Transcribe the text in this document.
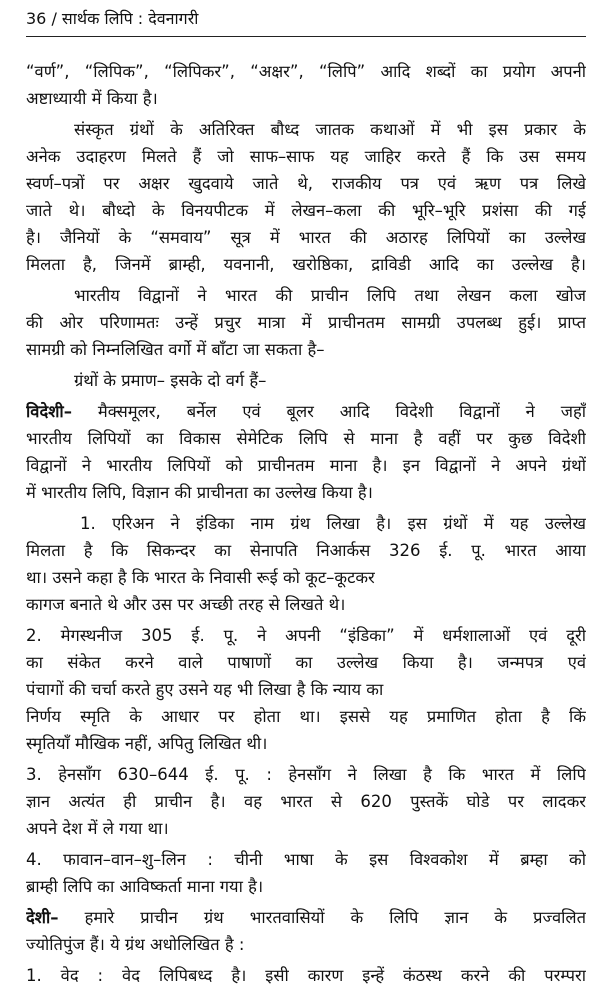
36 / सार्थक लिपि : देवनागरी
“वर्ण”, “लिपिक”, “लिपिकर”, “अक्षर”, “लिपि” आदि शब्दों का प्रयोग अपनी
अष्टाध्यायी में किया है।
संस्कृत ग्रंथों के अतिरिक्त बौध्द जातक कथाओं में भी इस प्रकार के
अनेक उदाहरण मिलते हैं जो साफ–साफ यह जाहिर करते हैं कि उस समय
स्वर्ण–पत्रों पर अक्षर खुदवाये जाते थे, राजकीय पत्र एवं ऋण पत्र लिखे
जाते थे। बौध्दो के विनयपीटक में लेखन–कला की भूरि–भूरि प्रशंसा की गई
है। जैनियों के “समवाय” सूत्र में भारत की अठारह लिपियों का उल्लेख
मिलता है, जिनमें ब्राम्ही, यवनानी, खरोष्ठिका, द्राविडी आदि का उल्लेख है।
भारतीय विद्वानों ने भारत की प्राचीन लिपि तथा लेखन कला खोज
की ओर परिणामतः उन्हें प्रचुर मात्रा में प्राचीनतम सामग्री उपलब्ध हुई। प्राप्त
सामग्री को निम्नलिखित वर्गो में बाँटा जा सकता है–
ग्रंथों के प्रमाण– इसके दो वर्ग हैं–
विदेशी– मैक्समूलर, बर्नेल एवं बूलर आदि विदेशी विद्वानों ने जहाँ
भारतीय लिपियों का विकास सेमेटिक लिपि से माना है वहीं पर कुछ विदेशी
विद्वानों ने भारतीय लिपियों को प्राचीनतम माना है। इन विद्वानों ने अपने ग्रंथों
में भारतीय लिपि, विज्ञान की प्राचीनता का उल्लेख किया है।
1. एरिअन ने इंडिका नाम ग्रंथ लिखा है। इस ग्रंथों में यह उल्लेख
मिलता है कि सिकन्दर का सेनापति निआर्कस 326 ई. पू. भारत आया
था। उसने कहा है कि भारत के निवासी रूई को कूट–कूटकर
कागज बनाते थे और उस पर अच्छी तरह से लिखते थे।
2. मेगस्थनीज 305 ई. पू. ने अपनी “इंडिका” में धर्मशालाओं एवं दूरी
का संकेत करने वाले पाषाणों का उल्लेख किया है। जन्मपत्र एवं
पंचागों की चर्चा करते हुए उसने यह भी लिखा है कि न्याय का
निर्णय स्मृति के आधार पर होता था। इससे यह प्रमाणित होता है किं
स्मृतियाँ मौखिक नहीं, अपितु लिखित थी।
3. हेनसाँग 630–644 ई. पू. : हेनसाँग ने लिखा है कि भारत में लिपि
ज्ञान अत्यंत ही प्राचीन है। वह भारत से 620 पुस्तकें घोडे पर लादकर
अपने देश में ले गया था।
4. फावान–वान–शु–लिन : चीनी भाषा के इस विश्वकोश में ब्रम्हा को
ब्राम्ही लिपि का आविष्कर्ता माना गया है।
देशी– हमारे प्राचीन ग्रंथ भारतवासियों के लिपि ज्ञान के प्रज्वलित
ज्योतिपुंज हैं। ये ग्रंथ अधोलिखित है :
1. वेद : वेद लिपिबध्द है। इसी कारण इन्हें कंठस्थ करने की परम्परा
